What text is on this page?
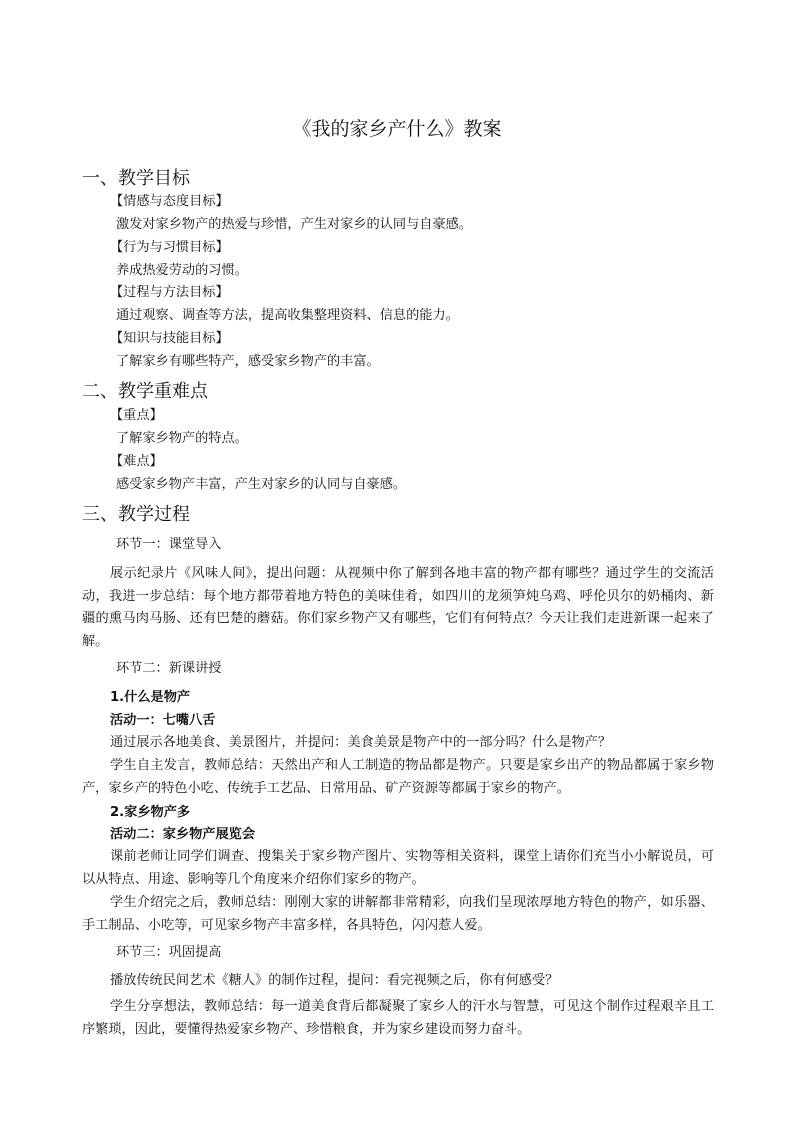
《我的家乡产什么》教案
一、教学目标
【情感与态度目标】
激发对家乡物产的热爱与珍惜，产生对家乡的认同与自豪感。
【行为与习惯目标】
养成热爱劳动的习惯。
【过程与方法目标】
通过观察、调查等方法，提高收集整理资料、信息的能力。
【知识与技能目标】
了解家乡有哪些特产，感受家乡物产的丰富。
二、教学重难点
【重点】
了解家乡物产的特点。
【难点】
感受家乡物产丰富，产生对家乡的认同与自豪感。
三、教学过程
环节一：课堂导入
展示纪录片《风味人间》，提出问题：从视频中你了解到各地丰富的物产都有哪些？通过学生的交流活动，我进一步总结：每个地方都带着地方特色的美味佳肴，如四川的龙须笋炖乌鸡、呼伦贝尔的奶桶肉、新疆的熏马肉马肠、还有巴楚的蘑菇。你们家乡物产又有哪些，它们有何特点？今天让我们走进新课一起来了解。
环节二：新课讲授
1.什么是物产
活动一：七嘴八舌
通过展示各地美食、美景图片，并提问：美食美景是物产中的一部分吗？什么是物产？
学生自主发言，教师总结：天然出产和人工制造的物品都是物产。只要是家乡出产的物品都属于家乡物产，家乡产的特色小吃、传统手工艺品、日常用品、矿产资源等都属于家乡的物产。
2.家乡物产多
活动二：家乡物产展览会
课前老师让同学们调查、搜集关于家乡物产图片、实物等相关资料，课堂上请你们充当小小解说员，可以从特点、用途、影响等几个角度来介绍你们家乡的物产。
学生介绍完之后，教师总结：刚刚大家的讲解都非常精彩，向我们呈现浓厚地方特色的物产，如乐器、手工制品、小吃等，可见家乡物产丰富多样，各具特色，闪闪惹人爱。
环节三：巩固提高
播放传统民间艺术《糖人》的制作过程，提问：看完视频之后，你有何感受？
学生分享想法，教师总结：每一道美食背后都凝聚了家乡人的汗水与智慧，可见这个制作过程艰辛且工序繁琐，因此，要懂得热爱家乡物产、珍惜粮食，并为家乡建设而努力奋斗。
